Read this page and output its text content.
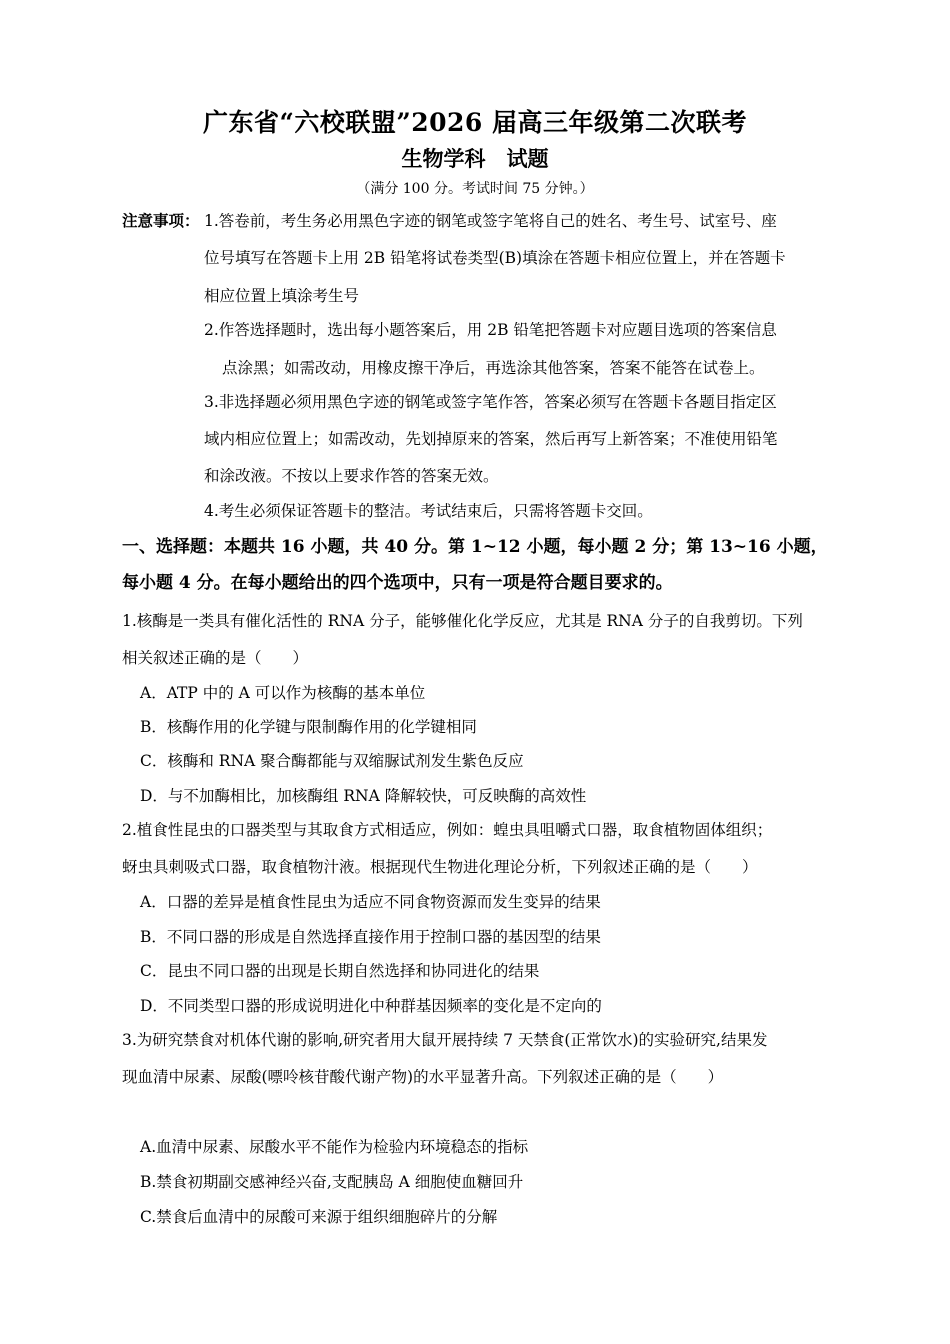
广东省“六校联盟”2026 届高三年级第二次联考
生物学科　试题
（满分 100 分。考试时间 75 分钟。）
注意事项： 1.答卷前，考生务必用黑色字迹的钢笔或签字笔将自己的姓名、考生号、试室号、座
位号填写在答题卡上用 2B 铅笔将试卷类型(B)填涂在答题卡相应位置上，并在答题卡
相应位置上填涂考生号
2.作答选择题时，选出每小题答案后，用 2B 铅笔把答题卡对应题目选项的答案信息
点涂黑；如需改动，用橡皮擦干净后，再选涂其他答案，答案不能答在试卷上。
3.非选择题必须用黑色字迹的钢笔或签字笔作答，答案必须写在答题卡各题目指定区
域内相应位置上；如需改动，先划掉原来的答案，然后再写上新答案；不准使用铅笔
和涂改液。不按以上要求作答的答案无效。
4.考生必须保证答题卡的整洁。考试结束后，只需将答题卡交回。
一、选择题：本题共 16 小题，共 40 分。第 1~12 小题，每小题 2 分；第 13~16 小题，
每小题 4 分。在每小题给出的四个选项中，只有一项是符合题目要求的。
1.核酶是一类具有催化活性的 RNA 分子，能够催化化学反应，尤其是 RNA 分子的自我剪切。下列
相关叙述正确的是（　　）
A．ATP 中的 A 可以作为核酶的基本单位
B．核酶作用的化学键与限制酶作用的化学键相同
C．核酶和 RNA 聚合酶都能与双缩脲试剂发生紫色反应
D．与不加酶相比，加核酶组 RNA 降解较快，可反映酶的高效性
2.植食性昆虫的口器类型与其取食方式相适应，例如：蝗虫具咀嚼式口器，取食植物固体组织；
蚜虫具刺吸式口器，取食植物汁液。根据现代生物进化理论分析，下列叙述正确的是（　　）
A．口器的差异是植食性昆虫为适应不同食物资源而发生变异的结果
B．不同口器的形成是自然选择直接作用于控制口器的基因型的结果
C．昆虫不同口器的出现是长期自然选择和协同进化的结果
D．不同类型口器的形成说明进化中种群基因频率的变化是不定向的
3.为研究禁食对机体代谢的影响,研究者用大鼠开展持续 7 天禁食(正常饮水)的实验研究,结果发
现血清中尿素、尿酸(嘌呤核苷酸代谢产物)的水平显著升高。下列叙述正确的是（　　）
A.血清中尿素、尿酸水平不能作为检验内环境稳态的指标
B.禁食初期副交感神经兴奋,支配胰岛 A 细胞使血糖回升
C.禁食后血清中的尿酸可来源于组织细胞碎片的分解
